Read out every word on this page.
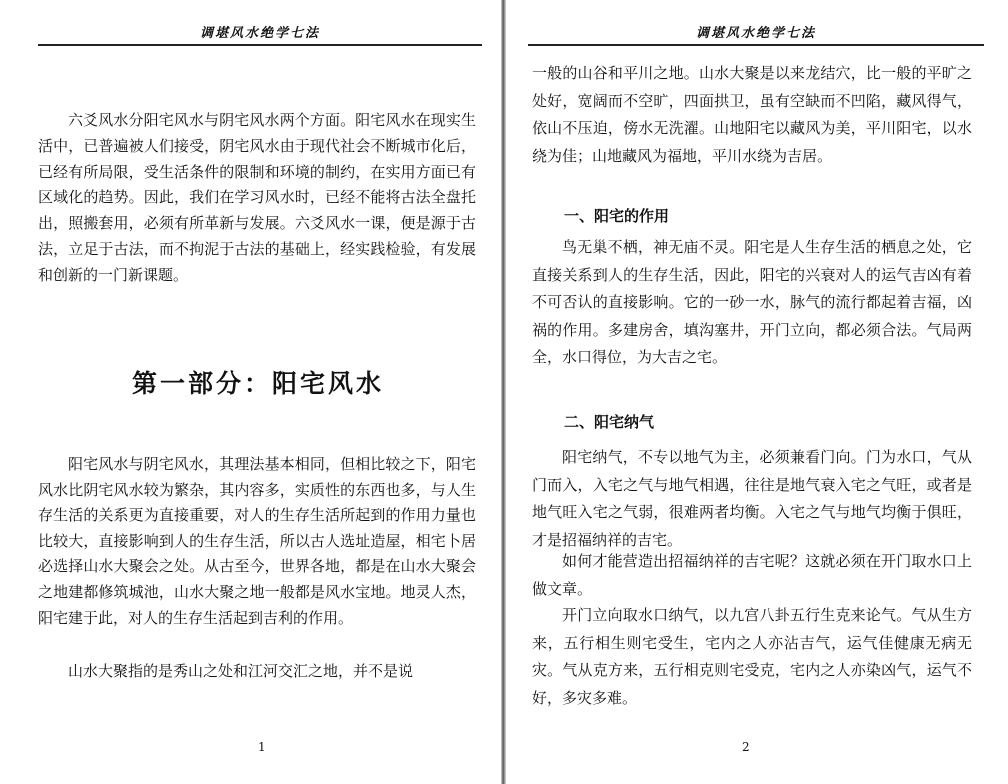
调堪风水绝学七法

六爻风水分阳宅风水与阴宅风水两个方面。阳宅风水在现实生活中，已普遍被人们接受，阴宅风水由于现代社会不断城市化后，已经有所局限，受生活条件的限制和环境的制约，在实用方面已有区域化的趋势。因此，我们在学习风水时，已经不能将古法全盘托出，照搬套用，必须有所革新与发展。六爻风水一课，便是源于古法，立足于古法，而不拘泥于古法的基础上，经实践检验，有发展和创新的一门新课题。

第一部分：阳宅风水

阳宅风水与阴宅风水，其理法基本相同，但相比较之下，阳宅风水比阴宅风水较为繁杂，其内容多，实质性的东西也多，与人生存生活的关系更为直接重要，对人的生存生活所起到的作用力量也比较大，直接影响到人的生存生活，所以古人选址造屋，相宅卜居必选择山水大聚会之处。从古至今，世界各地，都是在山水大聚会之地建都修筑城池，山水大聚之地一般都是风水宝地。地灵人杰，阳宅建于此，对人的生存生活起到吉利的作用。

山水大聚指的是秀山之处和江河交汇之地，并不是说

1
调堪风水绝学七法

一般的山谷和平川之地。山水大聚是以来龙结穴，比一般的平旷之处好，宽阔而不空旷，四面拱卫，虽有空缺而不凹陷，藏风得气，依山不压迫，傍水无洗濯。山地阳宅以藏风为美，平川阳宅，以水绕为佳；山地藏风为福地，平川水绕为吉居。

一、阳宅的作用

鸟无巢不栖，神无庙不灵。阳宅是人生存生活的栖息之处，它直接关系到人的生存生活，因此，阳宅的兴衰对人的运气吉凶有着不可否认的直接影响。它的一砂一水，脉气的流行都起着吉福，凶祸的作用。多建房舍，填沟塞井，开门立向，都必须合法。气局两全，水口得位，为大吉之宅。

二、阳宅纳气

阳宅纳气，不专以地气为主，必须兼看门向。门为水口，气从门而入，入宅之气与地气相遇，往往是地气衰入宅之气旺，或者是地气旺入宅之气弱，很难两者均衡。入宅之气与地气均衡于俱旺，才是招福纳祥的吉宅。

如何才能营造出招福纳祥的吉宅呢？这就必须在开门取水口上做文章。

开门立向取水口纳气，以九宫八卦五行生克来论气。气从生方来，五行相生则宅受生，宅内之人亦沾吉气，运气佳健康无病无灾。气从克方来，五行相克则宅受克，宅内之人亦染凶气，运气不好，多灾多难。

2
